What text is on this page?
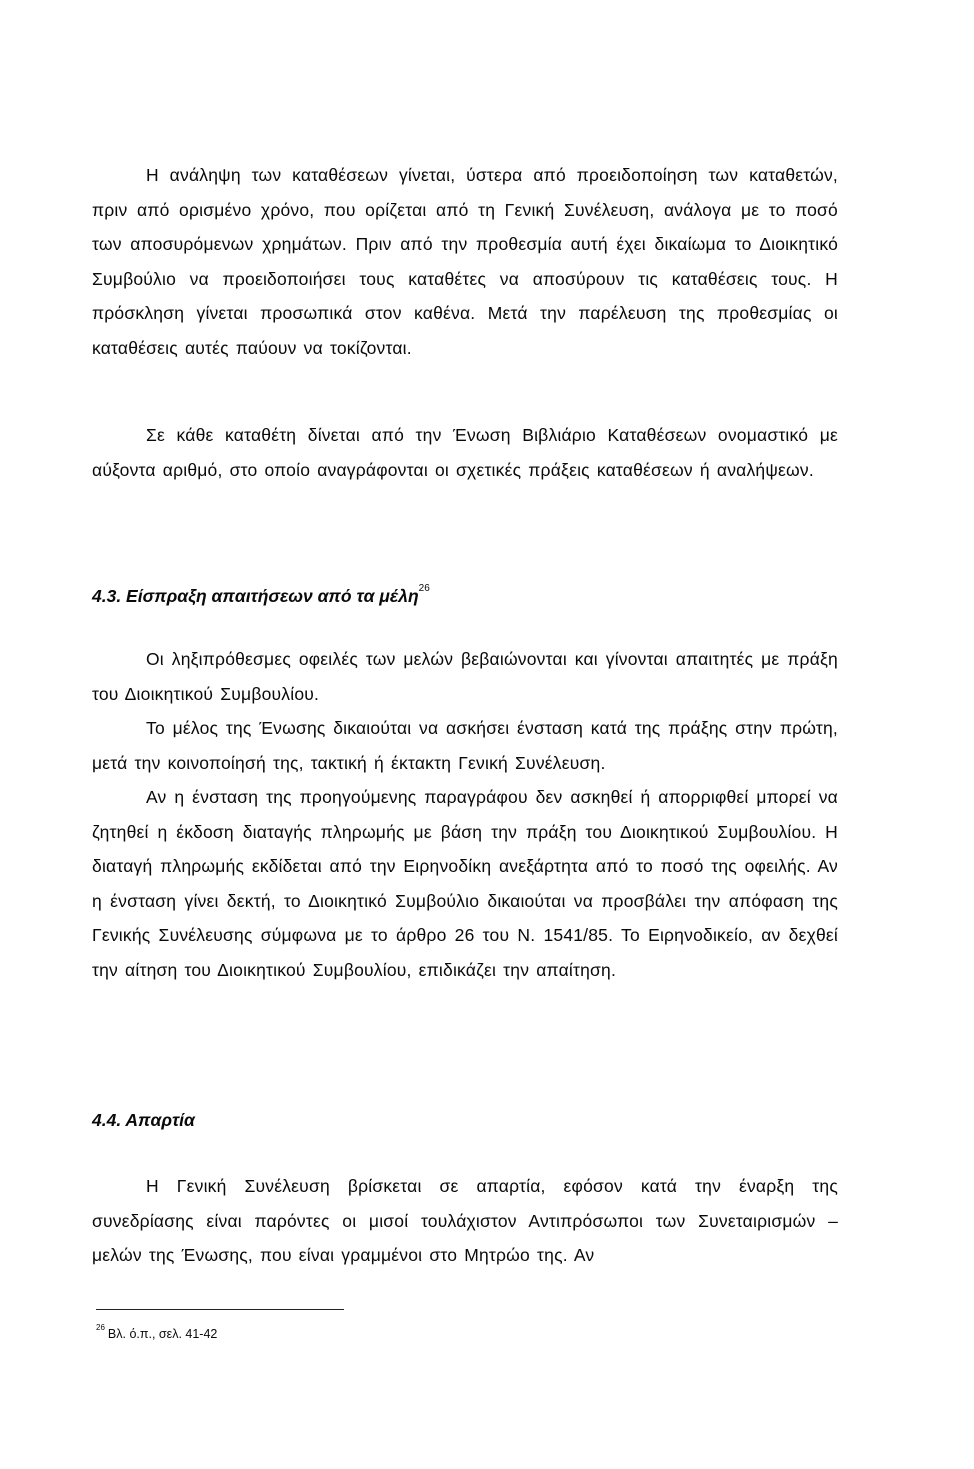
Η ανάληψη των καταθέσεων γίνεται, ύστερα από προειδοποίηση των καταθετών, πριν από ορισμένο χρόνο, που ορίζεται από τη Γενική Συνέλευση, ανάλογα με το ποσό των αποσυρόμενων χρημάτων. Πριν από την προθεσμία αυτή έχει δικαίωμα το Διοικητικό Συμβούλιο να προειδοποιήσει τους καταθέτες να αποσύρουν τις καταθέσεις τους. Η πρόσκληση γίνεται προσωπικά στον καθένα. Μετά την παρέλευση της προθεσμίας οι καταθέσεις αυτές παύουν να τοκίζονται.

Σε κάθε καταθέτη δίνεται από την Ένωση Βιβλιάριο Καταθέσεων ονομαστικό με αύξοντα αριθμό, στο οποίο αναγράφονται οι σχετικές πράξεις καταθέσεων ή αναλήψεων.

4.3. Είσπραξη απαιτήσεων από τα μέλη$^{26}$

Οι ληξιπρόθεσμες οφειλές των μελών βεβαιώνονται και γίνονται απαιτητές με πράξη του Διοικητικού Συμβουλίου.

Το μέλος της Ένωσης δικαιούται να ασκήσει ένσταση κατά της πράξης στην πρώτη, μετά την κοινοποίησή της, τακτική ή έκτακτη Γενική Συνέλευση.

Αν η ένσταση της προηγούμενης παραγράφου δεν ασκηθεί ή απορριφθεί μπορεί να ζητηθεί η έκδοση διαταγής πληρωμής με βάση την πράξη του Διοικητικού Συμβουλίου. Η διαταγή πληρωμής εκδίδεται από την Ειρηνοδίκη ανεξάρτητα από το ποσό της οφειλής. Αν η ένσταση γίνει δεκτή, το Διοικητικό Συμβούλιο δικαιούται να προσβάλει την απόφαση της Γενικής Συνέλευσης σύμφωνα με το άρθρο 26 του Ν. 1541/85. Το Ειρηνοδικείο, αν δεχθεί την αίτηση του Διοικητικού Συμβουλίου, επιδικάζει την απαίτηση.

4.4. Απαρτία

Η Γενική Συνέλευση βρίσκεται σε απαρτία, εφόσον κατά την έναρξη της συνεδρίασης είναι παρόντες οι μισοί τουλάχιστον Αντιπρόσωποι των Συνεταιρισμών – μελών της Ένωσης, που είναι γραμμένοι στο Μητρώο της. Αν

$^{26}$ Βλ. ό.π., σελ. 41-42
